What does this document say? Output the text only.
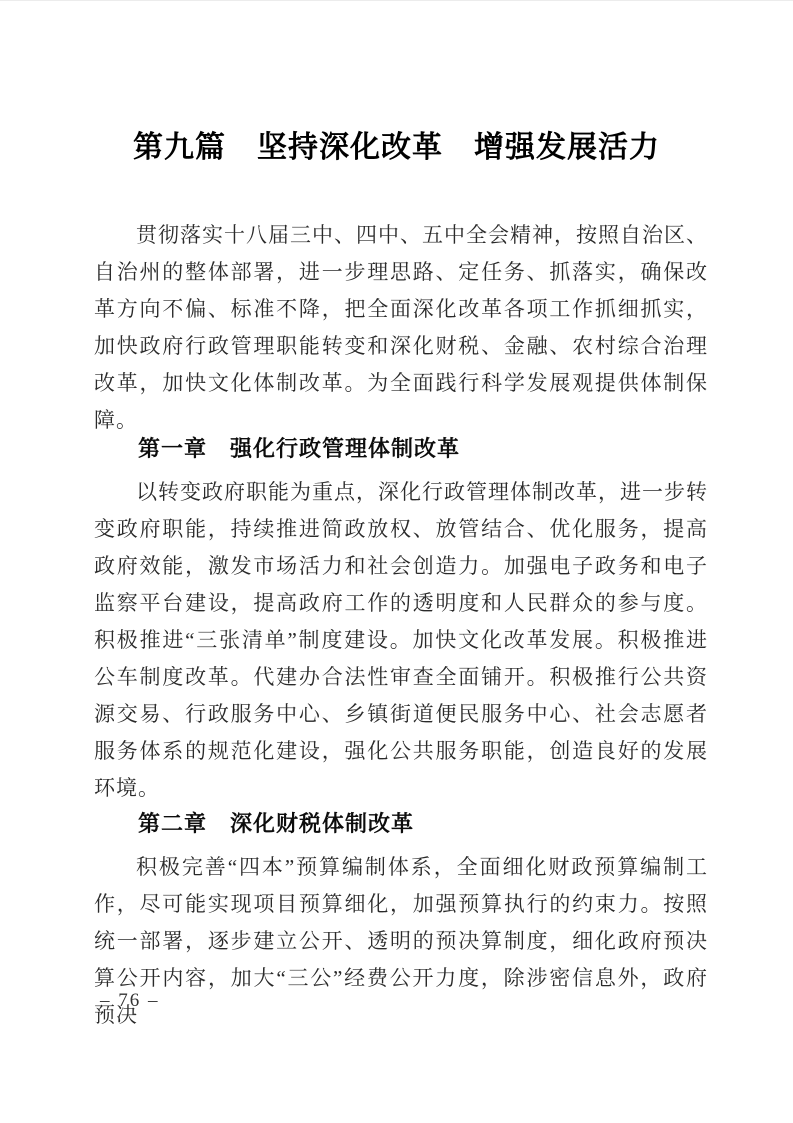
第九篇　坚持深化改革　增强发展活力

贯彻落实十八届三中、四中、五中全会精神，按照自治区、自治州的整体部署，进一步理思路、定任务、抓落实，确保改革方向不偏、标准不降，把全面深化改革各项工作抓细抓实，加快政府行政管理职能转变和深化财税、金融、农村综合治理改革，加快文化体制改革。为全面践行科学发展观提供体制保障。

第一章　强化行政管理体制改革

以转变政府职能为重点，深化行政管理体制改革，进一步转变政府职能，持续推进简政放权、放管结合、优化服务，提高政府效能，激发市场活力和社会创造力。加强电子政务和电子监察平台建设，提高政府工作的透明度和人民群众的参与度。积极推进“三张清单”制度建设。加快文化改革发展。积极推进公车制度改革。代建办合法性审查全面铺开。积极推行公共资源交易、行政服务中心、乡镇街道便民服务中心、社会志愿者服务体系的规范化建设，强化公共服务职能，创造良好的发展环境。

第二章　深化财税体制改革

积极完善“四本”预算编制体系，全面细化财政预算编制工作，尽可能实现项目预算细化，加强预算执行的约束力。按照统一部署，逐步建立公开、透明的预决算制度，细化政府预决算公开内容，加大“三公”经费公开力度，除涉密信息外，政府预决

– 76 –
